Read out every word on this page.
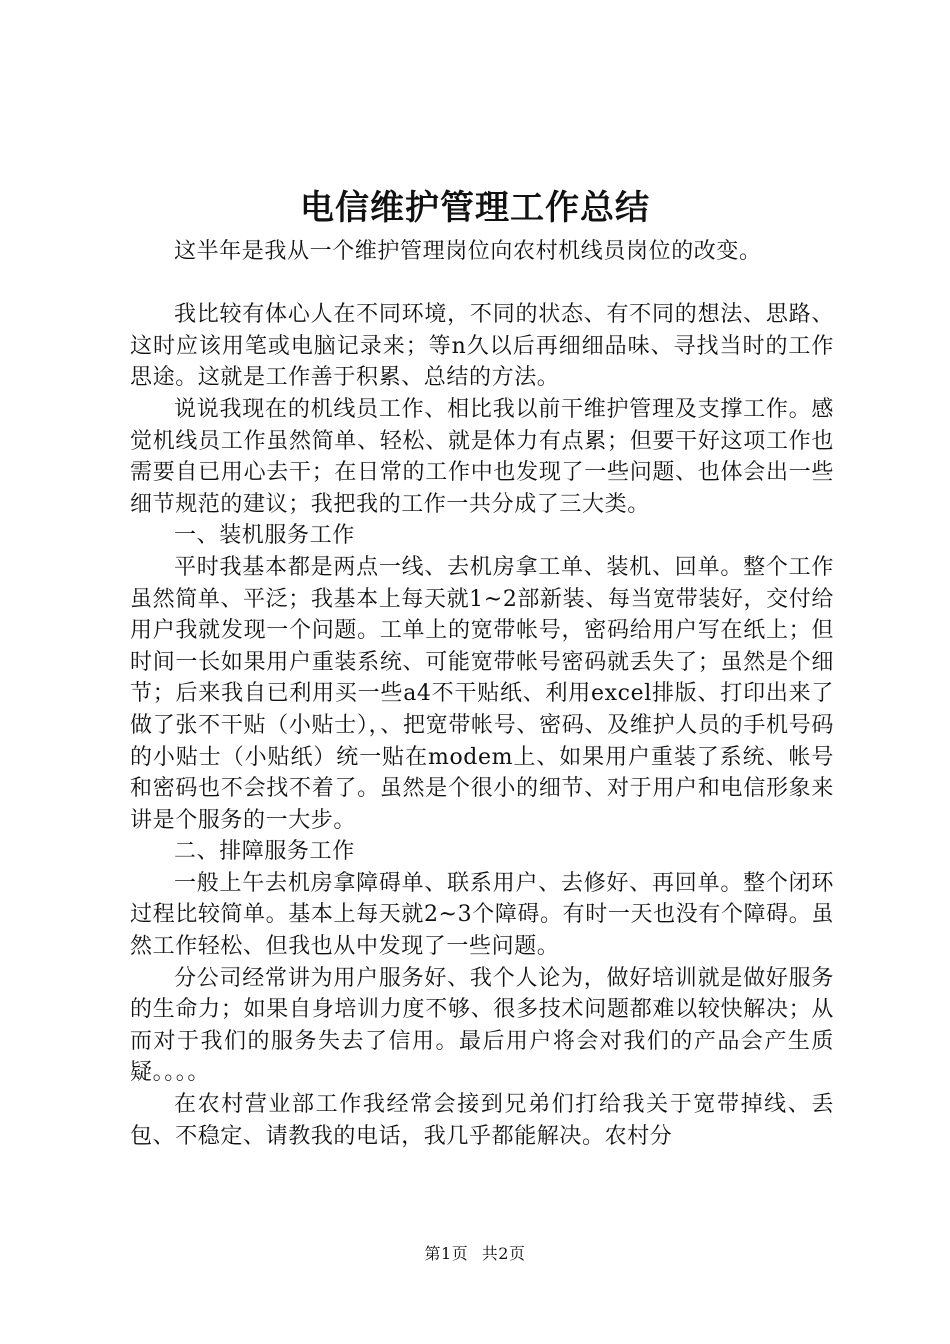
电信维护管理工作总结

这半年是我从一个维护管理岗位向农村机线员岗位的改变。

我比较有体心人在不同环境，不同的状态、有不同的想法、思路、这时应该用笔或电脑记录来；等n久以后再细细品味、寻找当时的工作思途。这就是工作善于积累、总结的方法。

说说我现在的机线员工作、相比我以前干维护管理及支撑工作。感觉机线员工作虽然简单、轻松、就是体力有点累；但要干好这项工作也需要自已用心去干；在日常的工作中也发现了一些问题、也体会出一些细节规范的建议；我把我的工作一共分成了三大类。

一、装机服务工作

平时我基本都是两点一线、去机房拿工单、装机、回单。整个工作虽然简单、平泛；我基本上每天就1~2部新装、每当宽带装好，交付给用户我就发现一个问题。工单上的宽带帐号，密码给用户写在纸上；但时间一长如果用户重装系统、可能宽带帐号密码就丢失了；虽然是个细节；后来我自已利用买一些a4不干贴纸、利用excel排版、打印出来了做了张不干贴（小贴士），、把宽带帐号、密码、及维护人员的手机号码的小贴士（小贴纸）统一贴在modem上、如果用户重装了系统、帐号和密码也不会找不着了。虽然是个很小的细节、对于用户和电信形象来讲是个服务的一大步。

二、排障服务工作

一般上午去机房拿障碍单、联系用户、去修好、再回单。整个闭环过程比较简单。基本上每天就2~3个障碍。有时一天也没有个障碍。虽然工作轻松、但我也从中发现了一些问题。

分公司经常讲为用户服务好、我个人论为，做好培训就是做好服务的生命力；如果自身培训力度不够、很多技术问题都难以较快解决；从而对于我们的服务失去了信用。最后用户将会对我们的产品会产生质疑。。。。

在农村营业部工作我经常会接到兄弟们打给我关于宽带掉线、丢包、不稳定、请教我的电话，我几乎都能解决。农村分

第1页 共2页
